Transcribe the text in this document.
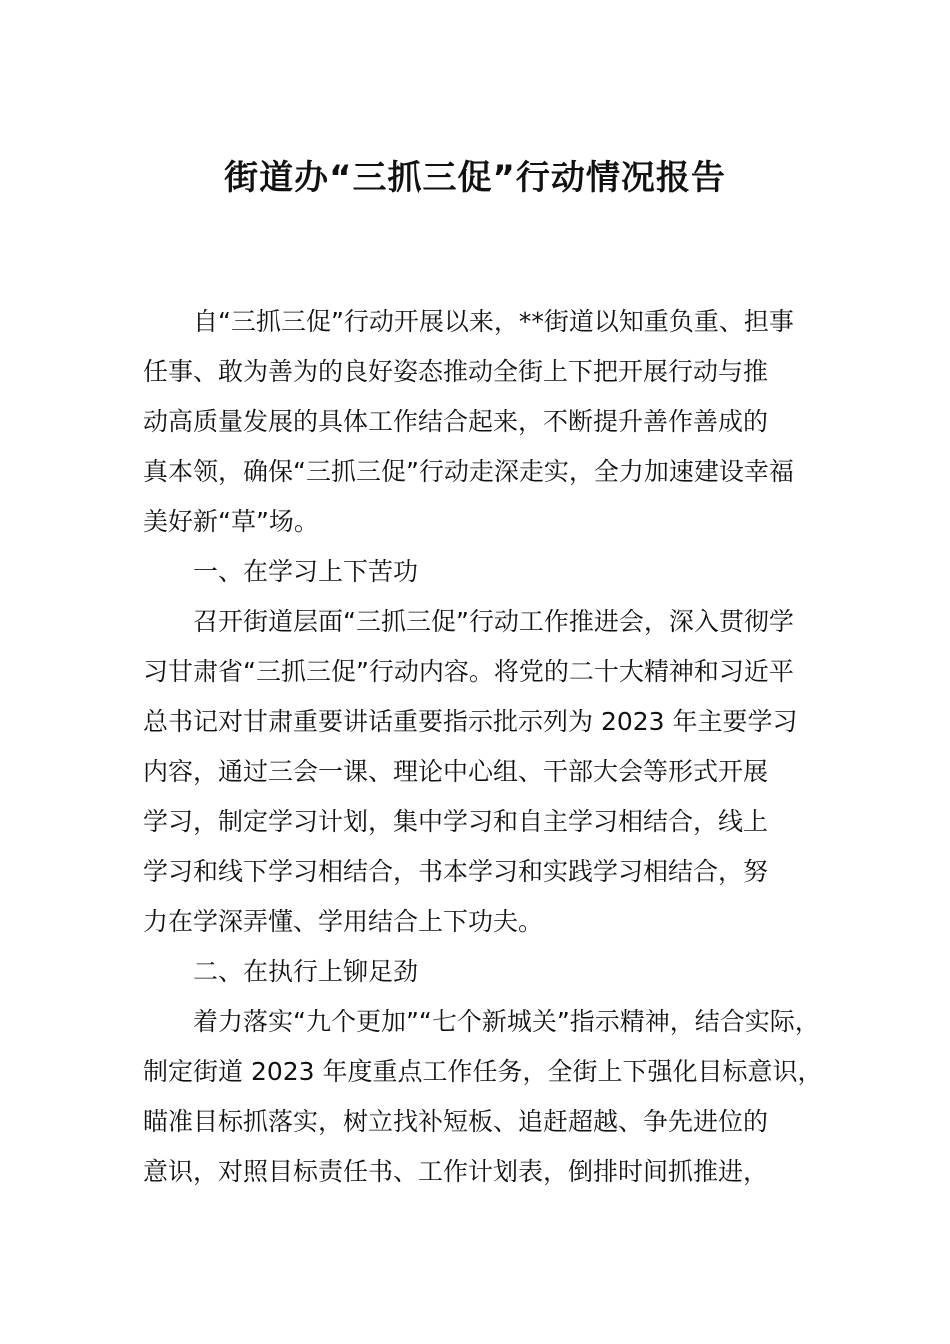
街道办“三抓三促”行动情况报告

自“三抓三促”行动开展以来，**街道以知重负重、担事

任事、敢为善为的良好姿态推动全街上下把开展行动与推

动高质量发展的具体工作结合起来，不断提升善作善成的

真本领，确保“三抓三促”行动走深走实，全力加速建设幸福

美好新“草”场。

一、在学习上下苦功

召开街道层面“三抓三促”行动工作推进会，深入贯彻学

习甘肃省“三抓三促”行动内容。将党的二十大精神和习近平

总书记对甘肃重要讲话重要指示批示列为 2023 年主要学习

内容，通过三会一课、理论中心组、干部大会等形式开展

学习，制定学习计划，集中学习和自主学习相结合，线上

学习和线下学习相结合，书本学习和实践学习相结合，努

力在学深弄懂、学用结合上下功夫。

二、在执行上铆足劲

着力落实“九个更加”“七个新城关”指示精神，结合实际，

制定街道 2023 年度重点工作任务，全街上下强化目标意识，

瞄准目标抓落实，树立找补短板、追赶超越、争先进位的

意识，对照目标责任书、工作计划表，倒排时间抓推进，
